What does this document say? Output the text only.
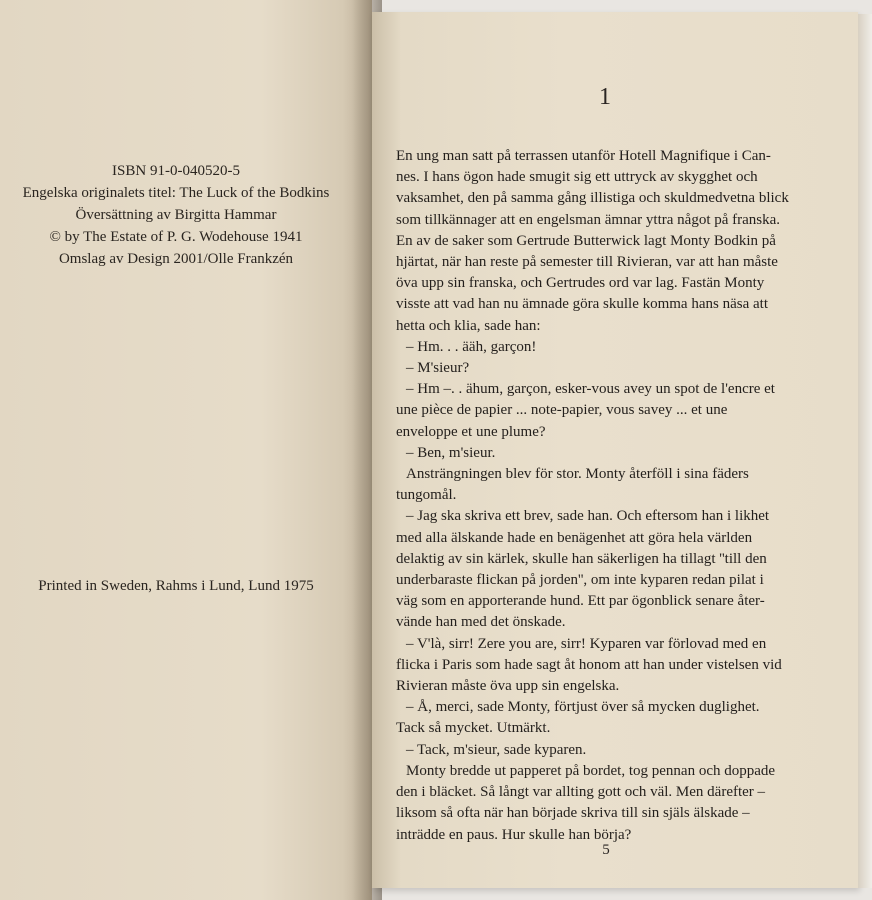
ISBN 91-0-040520-5
Engelska originalets titel: The Luck of the Bodkins
Översättning av Birgitta Hammar
© by The Estate of P. G. Wodehouse 1941
Omslag av Design 2001/Olle Frankzén
Printed in Sweden, Rahms i Lund, Lund 1975
1
En ung man satt på terrassen utanför Hotell Magnifique i Can-
nes. I hans ögon hade smugit sig ett uttryck av skygghet och
vaksamhet, den på samma gång illistiga och skuldmedvetna blick
som tillkännager att en engelsman ämnar yttra något på franska.
En av de saker som Gertrude Butterwick lagt Monty Bodkin på
hjärtat, när han reste på semester till Rivieran, var att han måste
öva upp sin franska, och Gertrudes ord var lag. Fastän Monty
visste att vad han nu ämnade göra skulle komma hans näsa att
hetta och klia, sade han:
– Hm. . . ääh, garçon!
– M'sieur?
– Hm –. . ähum, garçon, esker-vous avey un spot de l'encre et
une pièce de papier ... note-papier, vous savey ... et une
enveloppe et une plume?
– Ben, m'sieur.
Ansträngningen blev för stor. Monty återföll i sina fäders
tungomål.
– Jag ska skriva ett brev, sade han. Och eftersom han i likhet
med alla älskande hade en benägenhet att göra hela världen
delaktig av sin kärlek, skulle han säkerligen ha tillagt ''till den
underbaraste flickan på jorden'', om inte kyparen redan pilat i
väg som en apporterande hund. Ett par ögonblick senare åter-
vände han med det önskade.
– V'là, sirr! Zere you are, sirr! Kyparen var förlovad med en
flicka i Paris som hade sagt åt honom att han under vistelsen vid
Rivieran måste öva upp sin engelska.
– Å, merci, sade Monty, förtjust över så mycken duglighet.
Tack så mycket. Utmärkt.
– Tack, m'sieur, sade kyparen.
Monty bredde ut papperet på bordet, tog pennan och doppade
den i bläcket. Så långt var allting gott och väl. Men därefter –
liksom så ofta när han började skriva till sin själs älskade –
inträdde en paus. Hur skulle han börja?
5
